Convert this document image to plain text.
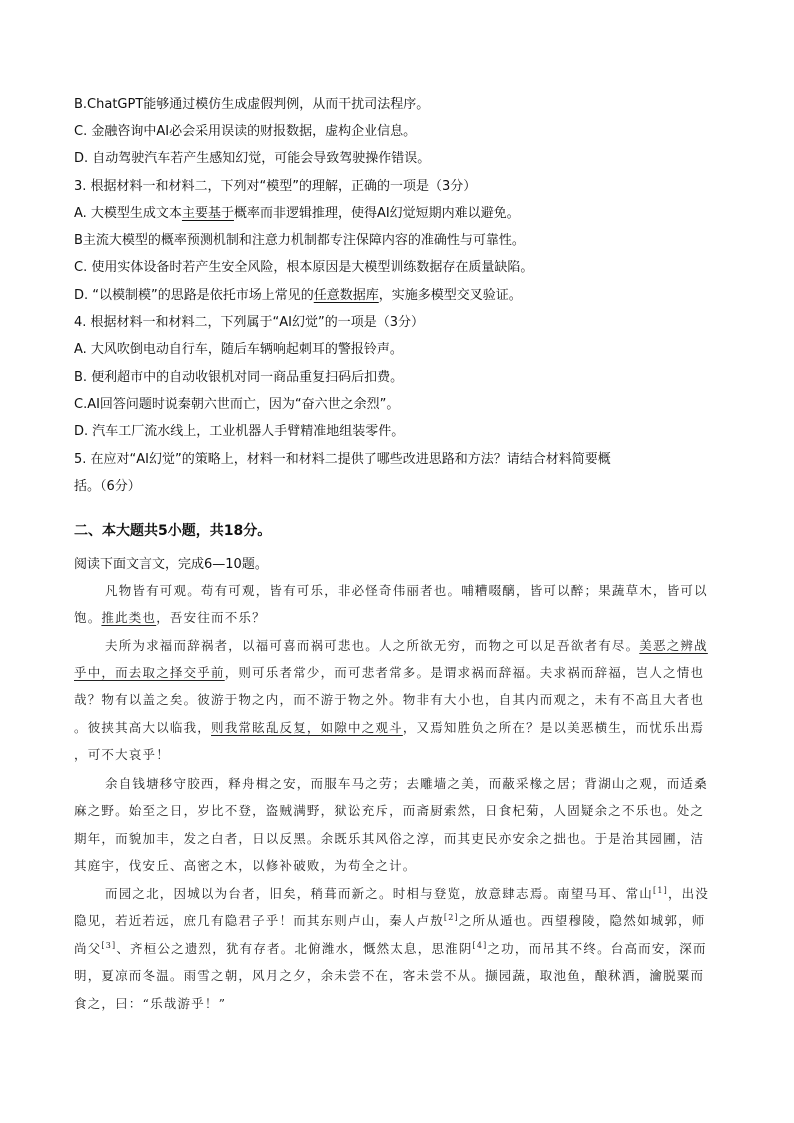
B.ChatGPT能够通过模仿生成虚假判例，从而干扰司法程序。
C. 金融咨询中AI必会采用误读的财报数据，虚构企业信息。
D. 自动驾驶汽车若产生感知幻觉，可能会导致驾驶操作错误。
3. 根据材料一和材料二，下列对“模型”的理解，正确的一项是（3分）
A. 大模型生成文本主要基于概率而非逻辑推理，使得AI幻觉短期内难以避免。
B主流大模型的概率预测机制和注意力机制都专注保障内容的准确性与可靠性。
C. 使用实体设备时若产生安全风险，根本原因是大模型训练数据存在质量缺陷。
D. “以模制模”的思路是依托市场上常见的任意数据库，实施多模型交叉验证。
4. 根据材料一和材料二，下列属于“AI幻觉”的一项是（3分）
A. 大风吹倒电动自行车，随后车辆响起刺耳的警报铃声。
B. 便利超市中的自动收银机对同一商品重复扫码后扣费。
C.AI回答问题时说秦朝六世而亡，因为“奋六世之余烈”。
D. 汽车工厂流水线上，工业机器人手臂精准地组装零件。
5. 在应对“AI幻觉”的策略上，材料一和材料二提供了哪些改进思路和方法？请结合材料简要概
括。（6分）
二、本大题共5小题，共18分。
阅读下面文言文，完成6—10题。
凡物皆有可观。苟有可观，皆有可乐，非必怪奇伟丽者也。哺糟啜醨，皆可以醉；果蔬草木，皆可以
饱。推此类也，吾安往而不乐？
夫所为求福而辞祸者，以福可喜而祸可悲也。人之所欲无穷，而物之可以足吾欲者有尽。美恶之辨战
乎中，而去取之择交乎前，则可乐者常少，而可悲者常多。是谓求祸而辞福。夫求祸而辞福，岂人之情也
哉？物有以盖之矣。彼游于物之内，而不游于物之外。物非有大小也，自其内而观之，未有不高且大者也
。彼挟其高大以临我，则我常眩乱反复，如隙中之观斗，又焉知胜负之所在？是以美恶横生，而忧乐出焉
，可不大哀乎！
余自钱塘移守胶西，释舟楫之安，而服车马之劳；去雕墙之美，而蔽采椽之居；背湖山之观，而适桑
麻之野。始至之日，岁比不登，盗贼满野，狱讼充斥，而斋厨索然，日食杞菊，人固疑余之不乐也。处之
期年，而貌加丰，发之白者，日以反黑。余既乐其风俗之淳，而其吏民亦安余之拙也。于是治其园圃，洁
其庭宇，伐安丘、高密之木，以修补破败，为苟全之计。
而园之北，因城以为台者，旧矣，稍葺而新之。时相与登览，放意肆志焉。南望马耳、常山[1]，出没
隐见，若近若远，庶几有隐君子乎！而其东则卢山，秦人卢敖[2]之所从遁也。西望穆陵，隐然如城郭，师
尚父[3]、齐桓公之遗烈，犹有存者。北俯潍水，慨然太息，思淮阴[4]之功，而吊其不终。台高而安，深而
明，夏凉而冬温。雨雪之朝，风月之夕，余未尝不在，客未尝不从。撷园蔬，取池鱼，酿秫酒，瀹脱粟而
食之，曰：“乐哉游乎！”
